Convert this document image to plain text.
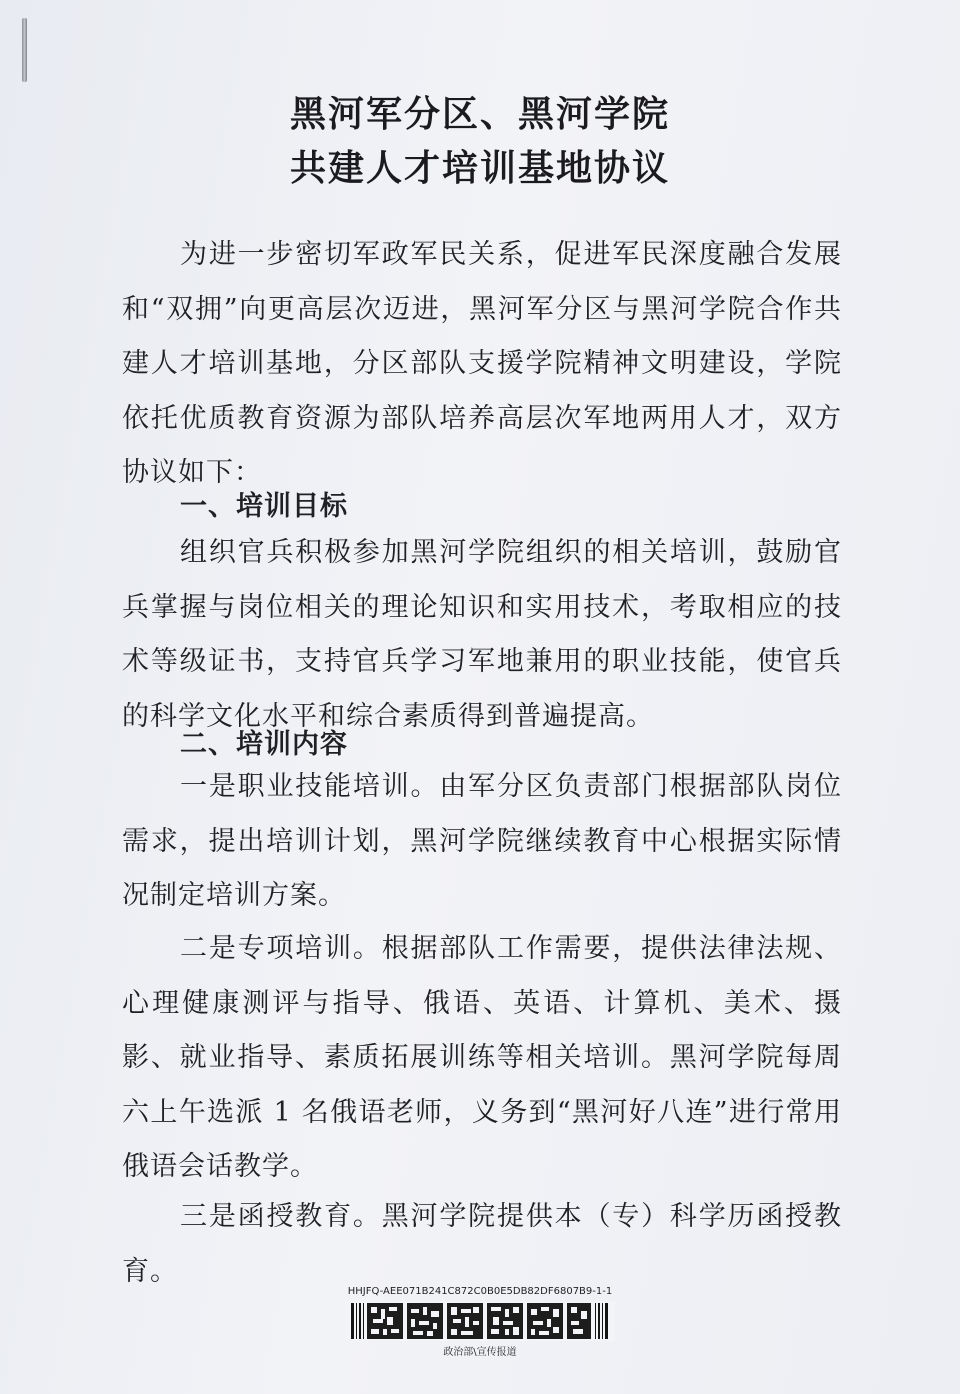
黑河军分区、黑河学院
共建人才培训基地协议
为进一步密切军政军民关系，促进军民深度融合发展和“双拥”向更高层次迈进，黑河军分区与黑河学院合作共建人才培训基地，分区部队支援学院精神文明建设，学院依托优质教育资源为部队培养高层次军地两用人才，双方协议如下：
一、培训目标
组织官兵积极参加黑河学院组织的相关培训，鼓励官兵掌握与岗位相关的理论知识和实用技术，考取相应的技术等级证书，支持官兵学习军地兼用的职业技能，使官兵的科学文化水平和综合素质得到普遍提高。
二、培训内容
一是职业技能培训。由军分区负责部门根据部队岗位需求，提出培训计划，黑河学院继续教育中心根据实际情况制定培训方案。
二是专项培训。根据部队工作需要，提供法律法规、心理健康测评与指导、俄语、英语、计算机、美术、摄影、就业指导、素质拓展训练等相关培训。黑河学院每周六上午选派 1 名俄语老师，义务到“黑河好八连”进行常用俄语会话教学。
三是函授教育。黑河学院提供本（专）科学历函授教育。
HHJFQ-AEE071B241C872C0B0E5DB82DF6807B9-1-1
政治部\宣传报道
